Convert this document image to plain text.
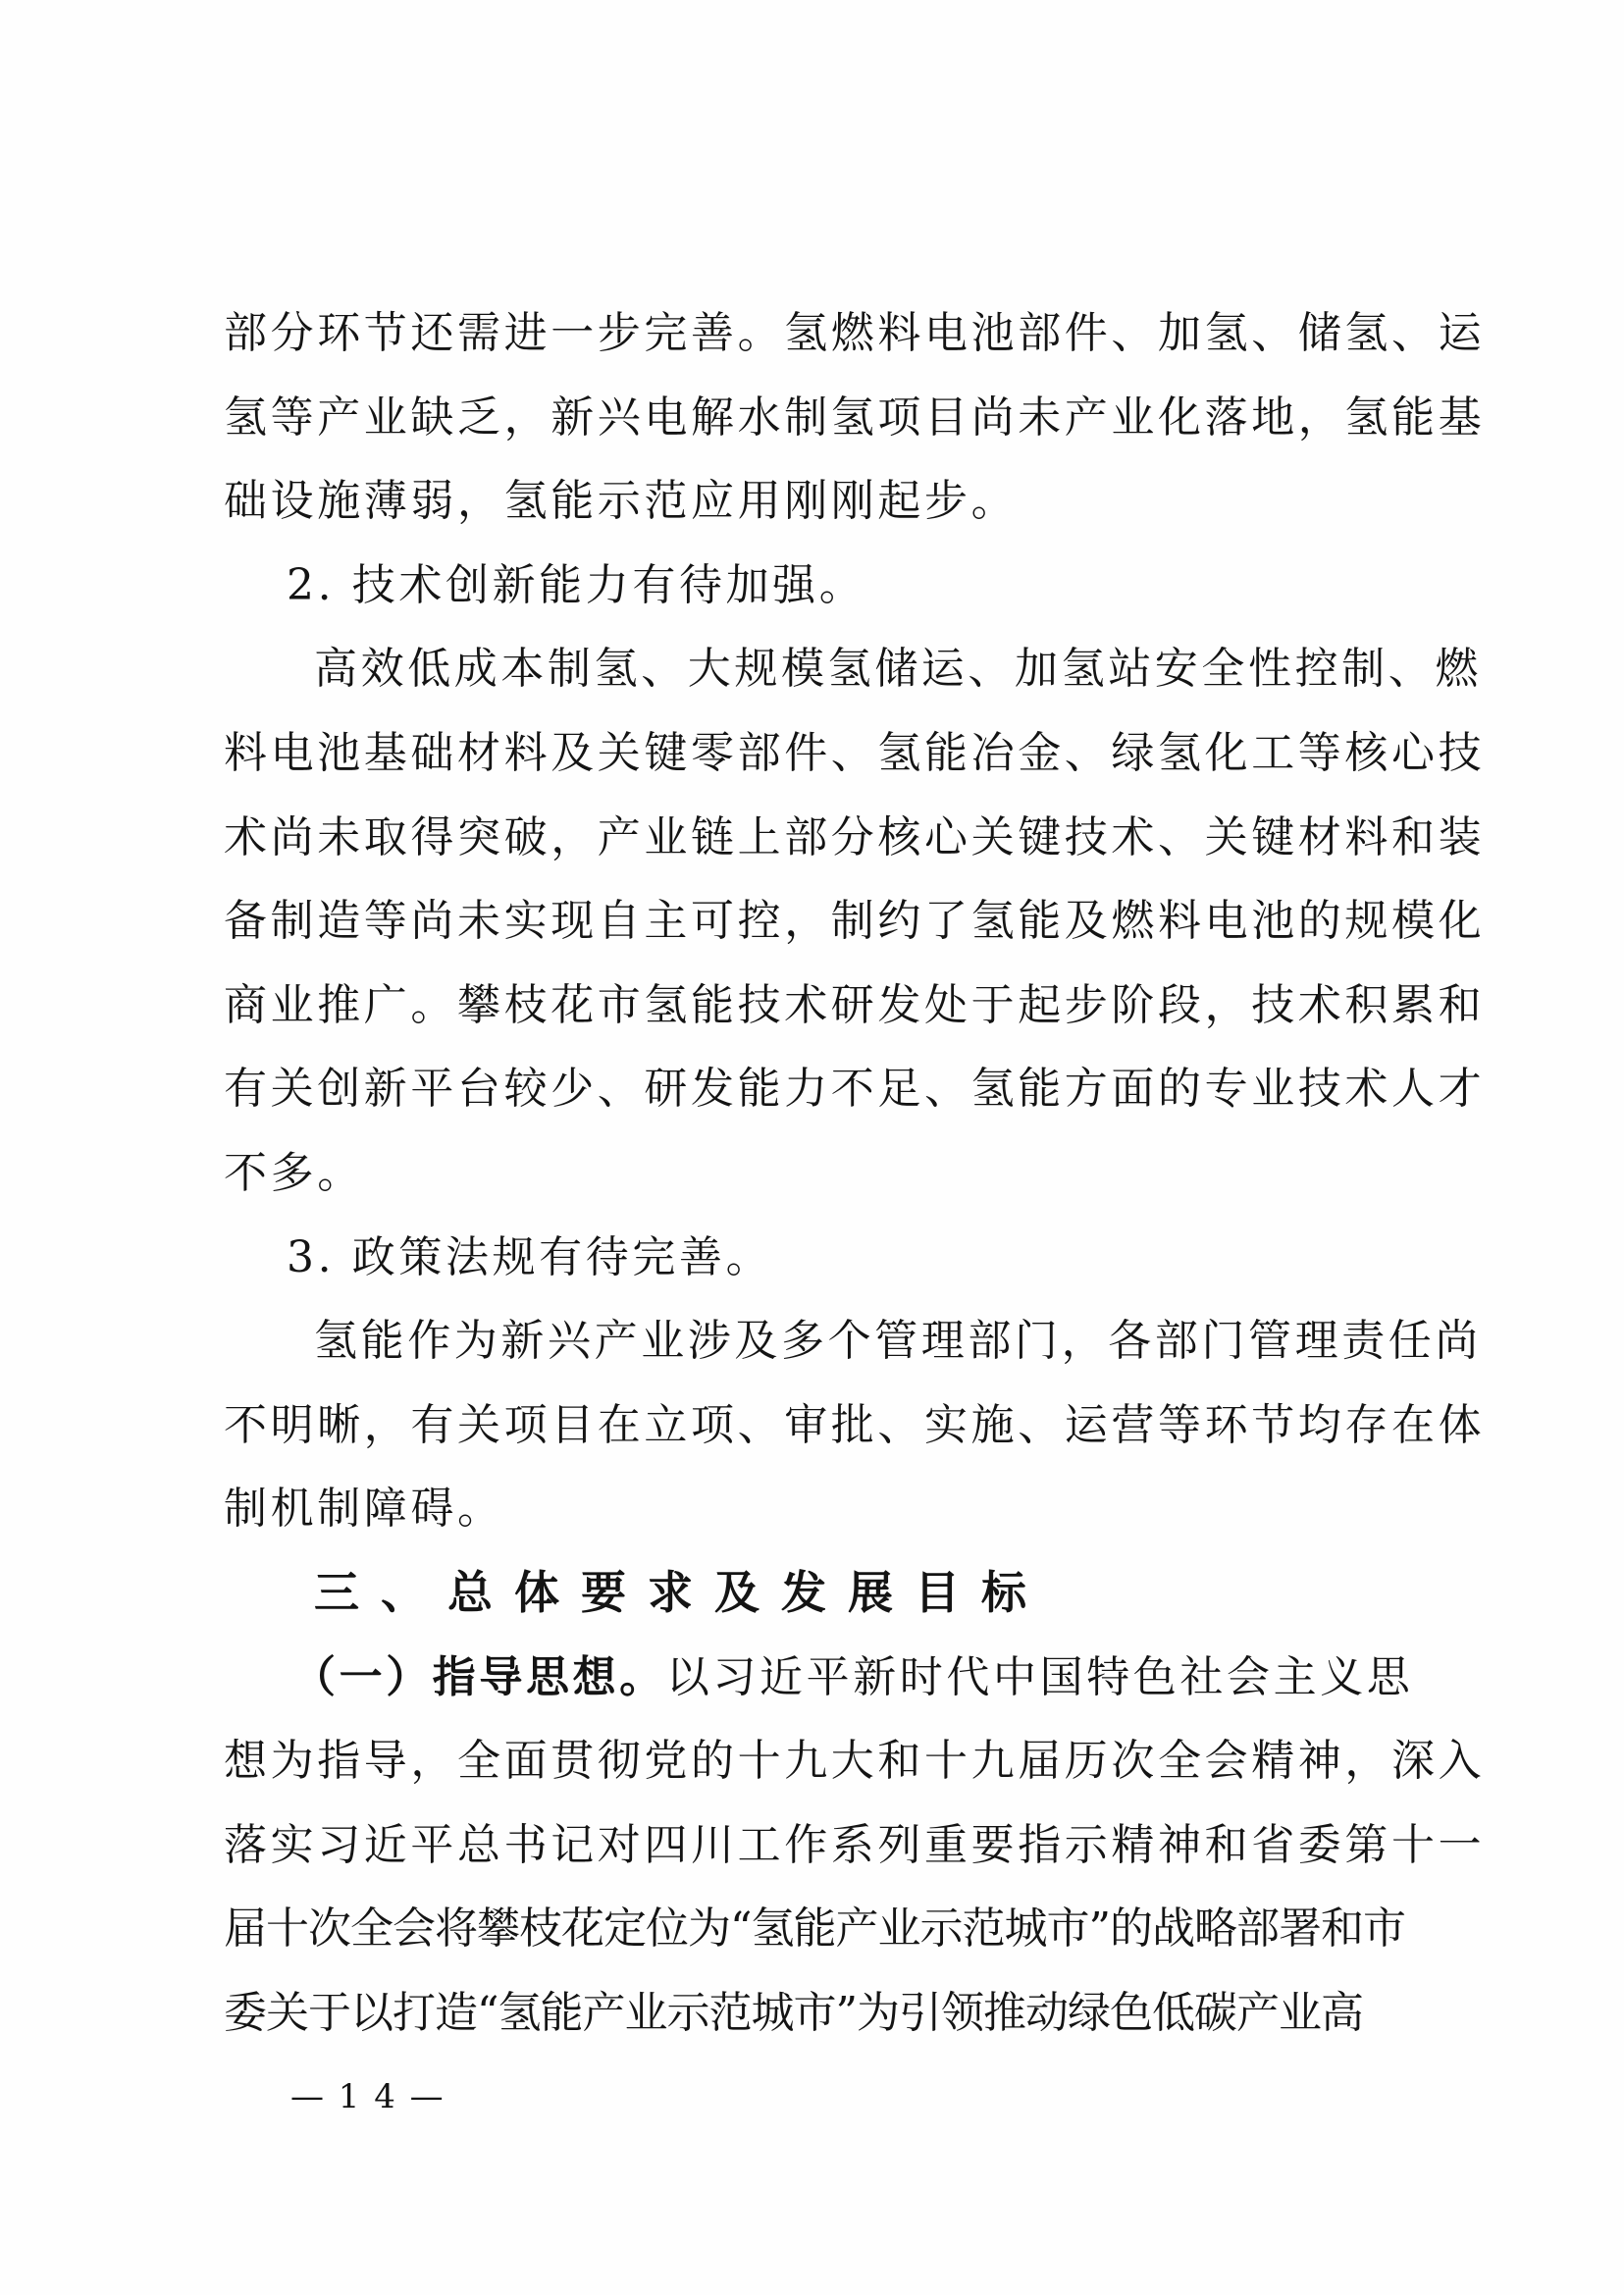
部分环节还需进一步完善。氢燃料电池部件、加氢、储氢、运
氢等产业缺乏，新兴电解水制氢项目尚未产业化落地，氢能基
础设施薄弱，氢能示范应用刚刚起步。
2. 技术创新能力有待加强。
高效低成本制氢、大规模氢储运、加氢站安全性控制、燃
料电池基础材料及关键零部件、氢能冶金、绿氢化工等核心技
术尚未取得突破，产业链上部分核心关键技术、关键材料和装
备制造等尚未实现自主可控，制约了氢能及燃料电池的规模化
商业推广。攀枝花市氢能技术研发处于起步阶段，技术积累和
有关创新平台较少、研发能力不足、氢能方面的专业技术人才
不多。
3. 政策法规有待完善。
氢能作为新兴产业涉及多个管理部门，各部门管理责任尚
不明晰，有关项目在立项、审批、实施、运营等环节均存在体
制机制障碍。
三、总体要求及发展目标
（一）指导思想。以习近平新时代中国特色社会主义思
想为指导，全面贯彻党的十九大和十九届历次全会精神，深入
落实习近平总书记对四川工作系列重要指示精神和省委第十一
届十次全会将攀枝花定位为“氢能产业示范城市”的战略部署和市
委关于以打造“氢能产业示范城市”为引领推动绿色低碳产业高
— 1 4 —
